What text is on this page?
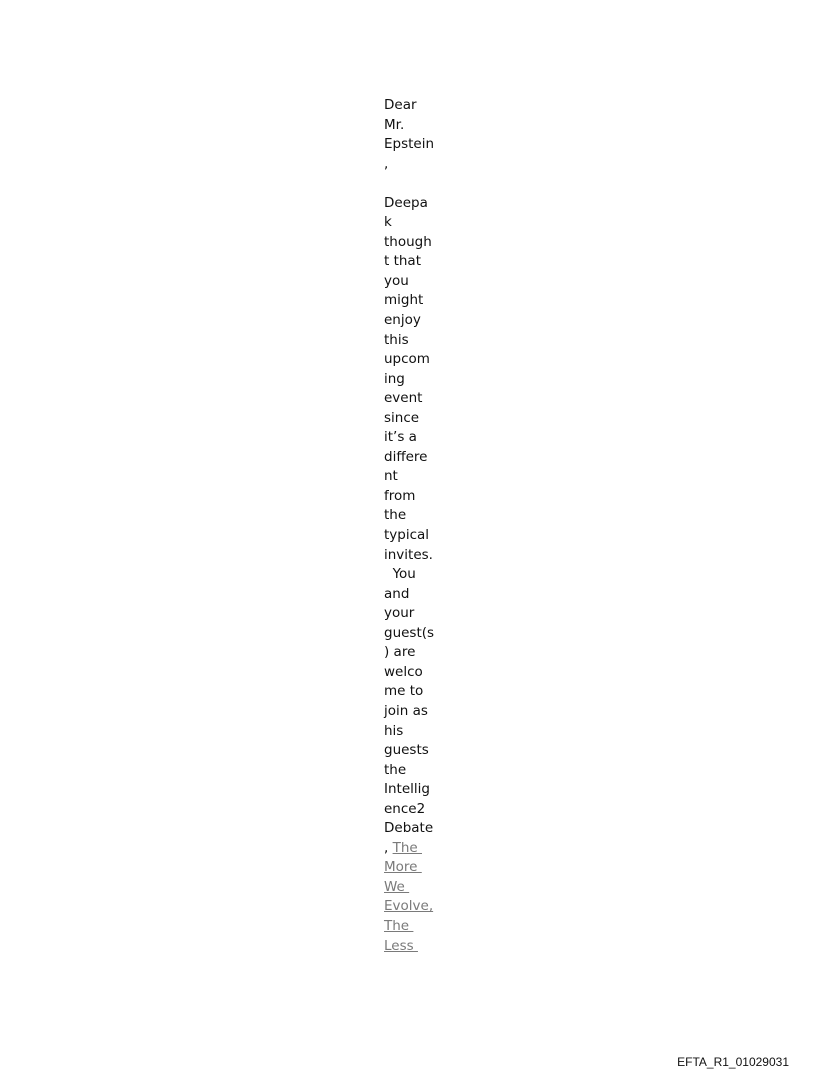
Dear
Mr.
Epstein
,
Deepa
k
though
t that
you
might
enjoy
this
upcom
ing
event
since
it’s a
differe
nt
from
the
typical
invites.
You
and
your
guest(s
) are
welco
me to
join as
his
guests
the
Intellig
ence2
Debate
, The
More
We
Evolve,
The
Less
EFTA_R1_01029031
